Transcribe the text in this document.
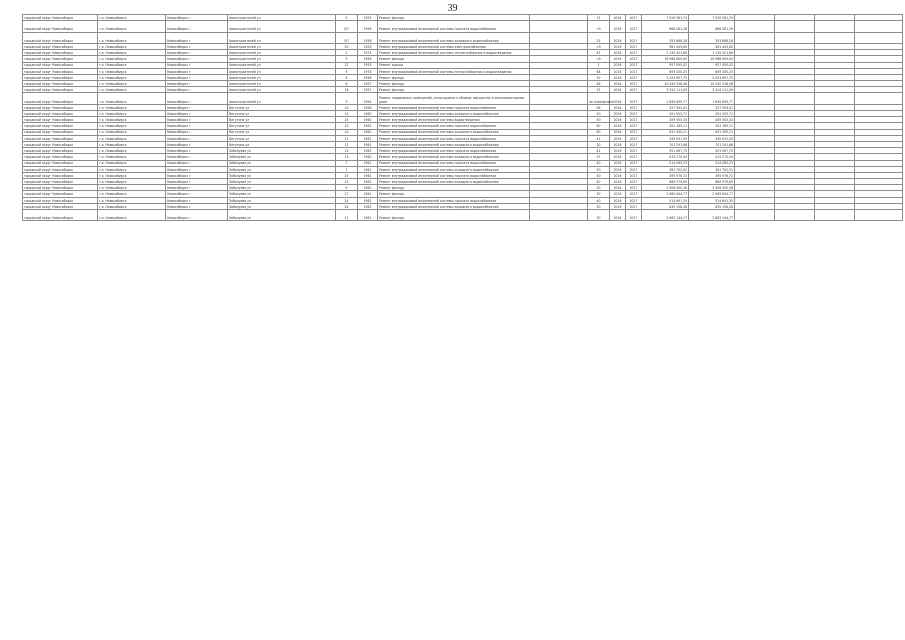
39
городской округ Новосибирск	г.о. Новосибирск	Новосибирск г	Авиастроителей ул	5	1955	Ремонт фасада		15	2016	2017	7 020 581,74	7 020 581,74				
городской округ Новосибирск	г.о. Новосибирск	Новосибирск г	Авиастроителей ул	5/7	1956	Ремонт внутридомовой инженерной системы горячего водоснабжения		<5	2016	2017	668 581,26	668 581,26				
городской округ Новосибирск	г.о. Новосибирск	Новосибирск г	Авиастроителей ул	5/7	1956	Ремонт внутридомовой инженерной системы холодного водоснабжения		15	2016	2017	353 668,28	353 668,28				
городской округ Новосибирск	г.о. Новосибирск	Новосибирск г	Авиастроителей ул	20	1953	Ремонт внутридомовой инженерной системы электроснабжения		<5	2016	2017	561 443,60	561 443,60				
городской округ Новосибирск	г.о. Новосибирск	Новосибирск г	Авиастроителей ул	2	1974	Ремонт внутридомовой инженерной системы теплоснабжения и водоотведения		45	2016	2017	1 135 421,66	1 135 421,66				
городской округ Новосибирск	г.о. Новосибирск	Новосибирск г	Авиастроителей ул	3	1956	Ремонт фасада		<5	2016	2017	16 968 609,05	16 968 609,05				
городской округ Новосибирск	г.о. Новосибирск	Новосибирск г	Авиастроителей ул	12	1955	Ремонт крыши		1	2016	2017	957 095,02	957 095,02				
городской округ Новосибирск	г.о. Новосибирск	Новосибирск г	Авиастроителей ул	9	1978	Ремонт внутридомовой инженерной системы теплоснабжения и водоотведения		64	2016	2017	609 300,25	609 300,25				
городской округ Новосибирск	г.о. Новосибирск	Новосибирск г	Авиастроителей ул	4	1958	Ремонт фасада		50	2016	2017	3 253 897,75	3 253 897,75				
городской округ Новосибирск	г.о. Новосибирск	Новосибирск г	Авиастроителей ул	6	1957	Ремонт фасада		48	2016	2017	10 430 538,06	10 430 538,06				
городской округ Новосибирск	г.о. Новосибирск	Новосибирск г	Авиастроителей ул	16	1957	Ремонт фасада		25	2016	2017	3 314 111,09	3 314 111,09				
городской округ Новосибирск	г.о. Новосибирск	Новосибирск г	Авиастроителей ул	3	1954	Ремонт подвальных помещений, относящихся к общему имуществу в многоквартирном доме		не определено	2016	2017	1 845 899,77	1 845 899,77				
городской округ Новосибирск	г.о. Новосибирск	Новосибирск г	Ватутина ул	10	1958	Ремонт внутридомовой инженерной системы горячего водоснабжения		58	2016	2017	327 393,41	327 393,41				
городской округ Новосибирск	г.о. Новосибирск	Новосибирск г	Ватутина ул	15	1960	Ремонт внутридомовой инженерной системы холодного водоснабжения		50	2016	2017	291 553,71	291 553,71				
городской округ Новосибирск	г.о. Новосибирск	Новосибирск г	Ватутина ул	15	1960	Ремонт внутридомовой инженерной системы водоотведения		50	2016	2017	459 505,33	459 505,33				
городской округ Новосибирск	г.о. Новосибирск	Новосибирск г	Ватутина ул	10	1962	Ремонт внутридомовой инженерной системы горячего водоснабжения		60	2016	2017	261 189,11	261 189,11				
городской округ Новосибирск	г.о. Новосибирск	Новосибирск г	Ватутина ул	10	1962	Ремонт внутридомовой инженерной системы холодного водоснабжения		60	2016	2017	631 305,11	631 305,11				
городской округ Новосибирск	г.о. Новосибирск	Новосибирск г	Ватутина ул	11	1961	Ремонт внутридомовой инженерной системы горячего водоснабжения		41	2016	2017	349 031,59	349 031,59				
городской округ Новосибирск	г.о. Новосибирск	Новосибирск г	Ватутина ул	11	1961	Ремонт внутридомовой инженерной системы холодного водоснабжения		30	2016	2017	701 291,68	701 291,68				
городской округ Новосибирск	г.о. Новосибирск	Новосибирск г	Забалуева ул	13	1962	Ремонт внутридомовой инженерной системы горячего водоснабжения		41	2016	2017	551 067,75	551 067,75				
городской округ Новосибирск	г.о. Новосибирск	Новосибирск г	Забалуева ул	13	1962	Ремонт внутридомовой инженерной системы холодного водоснабжения		37	2016	2017	415 270,04	415 270,04				
городской округ Новосибирск	г.о. Новосибирск	Новосибирск г	Забалуева ул	7	1961	Ремонт внутридомовой инженерной системы горячего водоснабжения		40	2016	2017	514 085,23	514 085,23				
городской округ Новосибирск	г.о. Новосибирск	Новосибирск г	Забалуева ул	7	1961	Ремонт внутридомовой инженерной системы холодного водоснабжения		50	2016	2017	361 702,51	361 702,51				
городской округ Новосибирск	г.о. Новосибирск	Новосибирск г	Забалуева ул	25	1962	Ремонт внутридомовой инженерной системы горячего водоснабжения		30	2016	2017	395 976,72	395 976,72				
городской округ Новосибирск	г.о. Новосибирск	Новосибирск г	Забалуева ул	25	1962	Ремонт внутридомовой инженерной системы холодного водоснабжения		40	2016	2017	669 579,69	669 579,69				
городской округ Новосибирск	г.о. Новосибирск	Новосибирск г	Забалуева ул	9	1962	Ремонт фасада		50	2016	2017	2 906 500,36	2 906 500,36				
городской округ Новосибирск	г.о. Новосибирск	Новосибирск г	Забалуева ул	27	1961	Ремонт фасада		30	2016	2017	2 965 644,77	2 965 644,77				
городской округ Новосибирск	г.о. Новосибирск	Новосибирск г	Забалуева ул	24	1962	Ремонт внутридомовой инженерной системы горячего водоснабжения		40	2016	2017	514 691,35	514 691,35				
городской округ Новосибирск	г.о. Новосибирск	Новосибирск г	Забалуева ул	24	1962	Ремонт внутридомовой инженерной системы холодного водоснабжения		30	2016	2017	835 158,28	835 158,28				
городской округ Новосибирск	г.о. Новосибирск	Новосибирск г	Забалуева ул	11	1961	Ремонт фасада		30	2016	2017	2 863 144,77	2 863 144,77				
